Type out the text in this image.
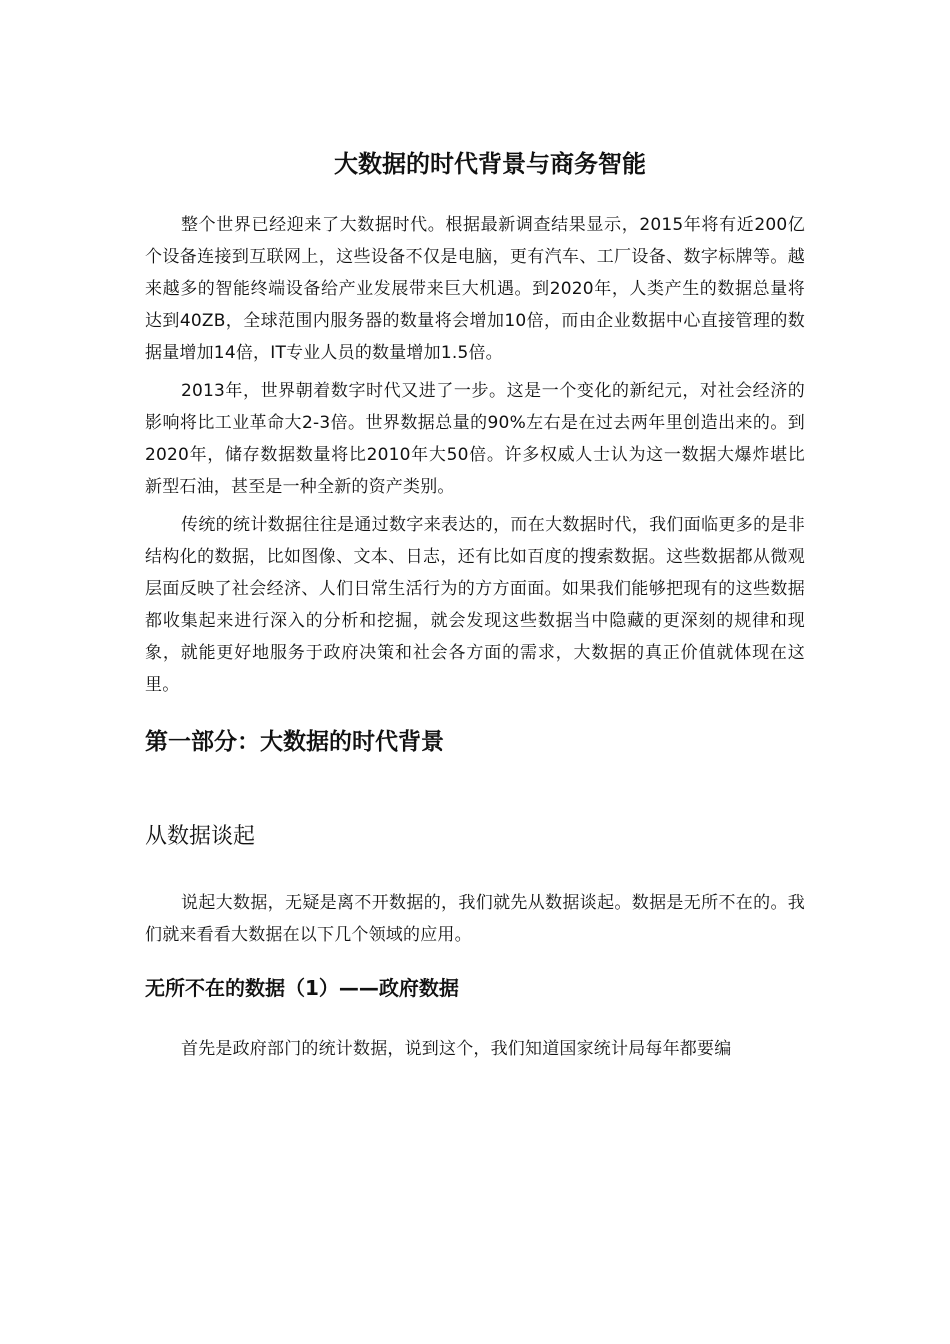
大数据的时代背景与商务智能

整个世界已经迎来了大数据时代。根据最新调查结果显示，2015年将有近200亿个设备连接到互联网上，这些设备不仅是电脑，更有汽车、工厂设备、数字标牌等。越来越多的智能终端设备给产业发展带来巨大机遇。到2020年，人类产生的数据总量将达到40ZB，全球范围内服务器的数量将会增加10倍，而由企业数据中心直接管理的数据量增加14倍，IT专业人员的数量增加1.5倍。

2013年，世界朝着数字时代又进了一步。这是一个变化的新纪元，对社会经济的影响将比工业革命大2-3倍。世界数据总量的90%左右是在过去两年里创造出来的。到2020年，储存数据数量将比2010年大50倍。许多权威人士认为这一数据大爆炸堪比新型石油，甚至是一种全新的资产类别。

传统的统计数据往往是通过数字来表达的，而在大数据时代，我们面临更多的是非结构化的数据，比如图像、文本、日志，还有比如百度的搜索数据。这些数据都从微观层面反映了社会经济、人们日常生活行为的方方面面。如果我们能够把现有的这些数据都收集起来进行深入的分析和挖掘，就会发现这些数据当中隐藏的更深刻的规律和现象，就能更好地服务于政府决策和社会各方面的需求，大数据的真正价值就体现在这里。

第一部分：大数据的时代背景
从数据谈起

说起大数据，无疑是离不开数据的，我们就先从数据谈起。数据是无所不在的。我们就来看看大数据在以下几个领域的应用。

无所不在的数据（1）——政府数据

首先是政府部门的统计数据，说到这个，我们知道国家统计局每年都要编
